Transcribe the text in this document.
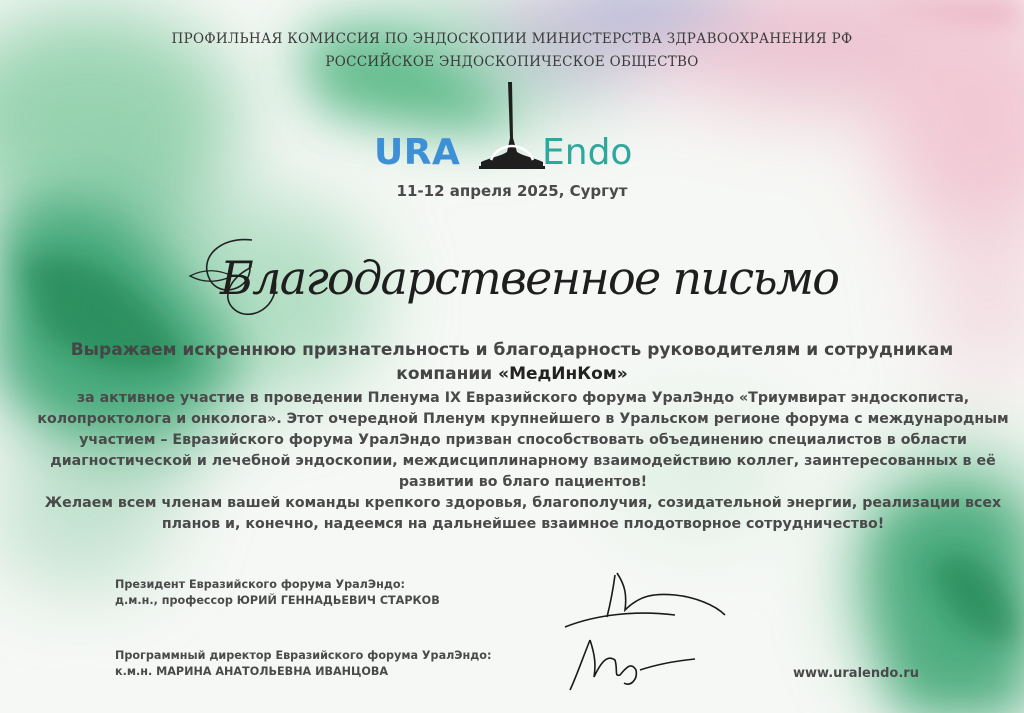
ПРОФИЛЬНАЯ КОМИССИЯ ПО ЭНДОСКОПИИ МИНИСТЕРСТВА ЗДРАВООХРАНЕНИЯ РФ
РОССИЙСКОЕ ЭНДОСКОПИЧЕСКОЕ ОБЩЕСТВО
URA Endo
11-12 апреля 2025, Сургут
Благодарственное письмо
Выражаем искреннюю признательность и благодарность руководителям и сотрудникам
компании «МедИнКом»

за активное участие в проведении Пленума IX Евразийского форума УралЭндо «Триумвират эндоскописта, колопроктолога и онколога». Этот очередной Пленум крупнейшего в Уральском регионе форума с международным участием – Евразийского форума УралЭндо призван способствовать объединению специалистов в области диагностической и лечебной эндоскопии, междисциплинарному взаимодействию коллег, заинтересованных в её развитии во благо пациентов!

Желаем всем членам вашей команды крепкого здоровья, благополучия, созидательной энергии, реализации всех планов и, конечно, надеемся на дальнейшее взаимное плодотворное сотрудничество!

Президент Евразийского форума УралЭндо:
д.м.н., профессор ЮРИЙ ГЕННАДЬЕВИЧ СТАРКОВ
Программный директор Евразийского форума УралЭндо:
к.м.н. МАРИНА АНАТОЛЬЕВНА ИВАНЦОВА	www.uralendo.ru
